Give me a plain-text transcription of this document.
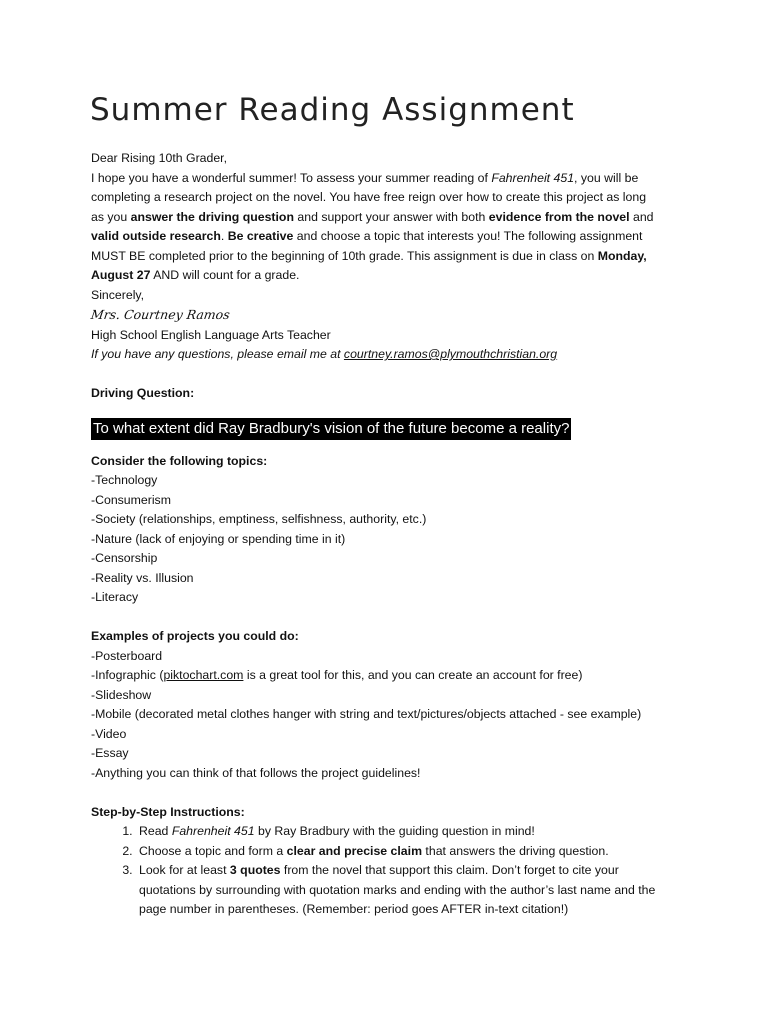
Summer Reading Assignment
Dear Rising 10th Grader,
I hope you have a wonderful summer! To assess your summer reading of Fahrenheit 451, you will be
completing a research project on the novel. You have free reign over how to create this project as long
as you answer the driving question and support your answer with both evidence from the novel and
valid outside research. Be creative and choose a topic that interests you! The following assignment
MUST BE completed prior to the beginning of 10th grade. This assignment is due in class on Monday,
August 27 AND will count for a grade.
Sincerely,
Mrs. Courtney Ramos
High School English Language Arts Teacher
If you have any questions, please email me at courtney.ramos@plymouthchristian.org
Driving Question:
To what extent did Ray Bradbury's vision of the future become a reality?
Consider the following topics:
-Technology
-Consumerism
-Society (relationships, emptiness, selfishness, authority, etc.)
-Nature (lack of enjoying or spending time in it)
-Censorship
-Reality vs. Illusion
-Literacy
Examples of projects you could do:
-Posterboard
-Infographic (piktochart.com is a great tool for this, and you can create an account for free)
-Slideshow
-Mobile (decorated metal clothes hanger with string and text/pictures/objects attached - see example)
-Video
-Essay
-Anything you can think of that follows the project guidelines!
Step-by-Step Instructions:
1. Read Fahrenheit 451 by Ray Bradbury with the guiding question in mind!
2. Choose a topic and form a clear and precise claim that answers the driving question.
3. Look for at least 3 quotes from the novel that support this claim. Don’t forget to cite your
quotations by surrounding with quotation marks and ending with the author’s last name and the
page number in parentheses. (Remember: period goes AFTER in-text citation!)
